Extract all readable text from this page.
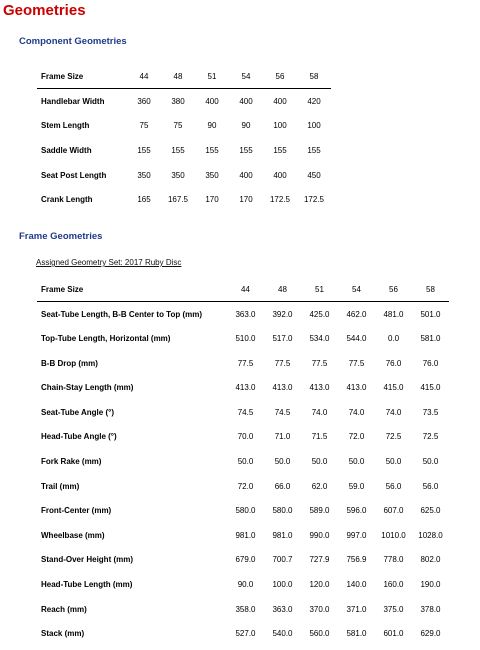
Geometries
Component Geometries
Frame Size	44	48	51	54	56	58
Handlebar Width	360	380	400	400	400	420
Stem Length	75	75	90	90	100	100
Saddle Width	155	155	155	155	155	155
Seat Post Length	350	350	350	400	400	450
Crank Length	165	167.5	170	170	172.5	172.5
Frame Geometries
Assigned Geometry Set: 2017 Ruby Disc
Frame Size	44	48	51	54	56	58
Seat-Tube Length, B-B Center to Top (mm)	363.0	392.0	425.0	462.0	481.0	501.0
Top-Tube Length, Horizontal (mm)	510.0	517.0	534.0	544.0	0.0	581.0
B-B Drop (mm)	77.5	77.5	77.5	77.5	76.0	76.0
Chain-Stay Length (mm)	413.0	413.0	413.0	413.0	415.0	415.0
Seat-Tube Angle (°)	74.5	74.5	74.0	74.0	74.0	73.5
Head-Tube Angle (°)	70.0	71.0	71.5	72.0	72.5	72.5
Fork Rake (mm)	50.0	50.0	50.0	50.0	50.0	50.0
Trail (mm)	72.0	66.0	62.0	59.0	56.0	56.0
Front-Center (mm)	580.0	580.0	589.0	596.0	607.0	625.0
Wheelbase (mm)	981.0	981.0	990.0	997.0	1010.0	1028.0
Stand-Over Height (mm)	679.0	700.7	727.9	756.9	778.0	802.0
Head-Tube Length (mm)	90.0	100.0	120.0	140.0	160.0	190.0
Reach (mm)	358.0	363.0	370.0	371.0	375.0	378.0
Stack (mm)	527.0	540.0	560.0	581.0	601.0	629.0
